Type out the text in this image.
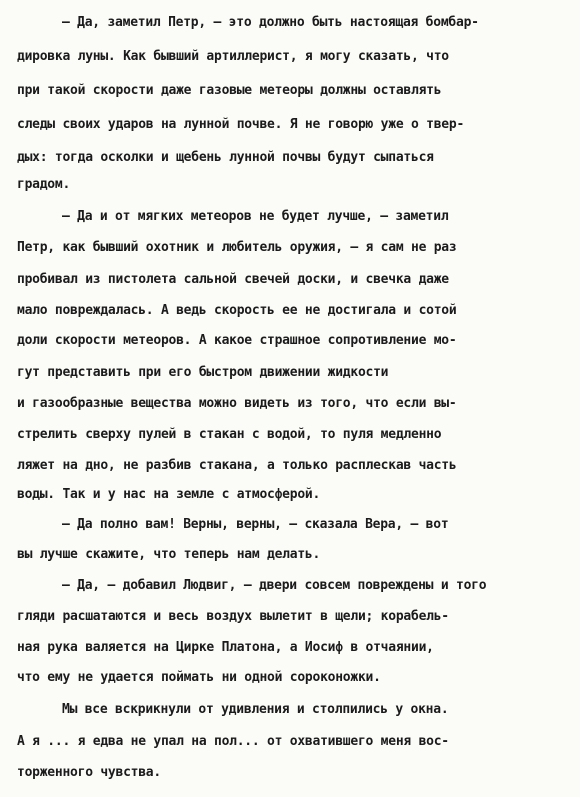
– Да, заметил Петр, – это должно быть настоящая бомбар-
дировка луны. Как бывший артиллерист, я могу сказать, что
при такой скорости даже газовые метеоры должны оставлять
следы своих ударов на лунной почве. Я не говорю уже о твер-
дых: тогда осколки и щебень лунной почвы будут сыпаться
градом.
– Да и от мягких метеоров не будет лучше, – заметил
Петр, как бывший охотник и любитель оружия, – я сам не раз
пробивал из пистолета сальной свечей доски, и свечка даже
мало повреждалась. А ведь скорость ее не достигала и сотой
доли скорости метеоров. А какое страшное сопротивление мо-
гут представить при его быстром движении жидкости
и газообразные вещества можно видеть из того, что если вы-
стрелить сверху пулей в стакан с водой, то пуля медленно
ляжет на дно, не разбив стакана, а только расплескав часть
воды. Так и у нас на земле с атмосферой.
– Да полно вам! Верны, верны, – сказала Вера, – вот
вы лучше скажите, что теперь нам делать.
– Да, – добавил Людвиг, – двери совсем повреждены и того
гляди расшатаются и весь воздух вылетит в щели; корабель-
ная рука валяется на Цирке Платона, а Иосиф в отчаянии,
что ему не удается поймать ни одной сороконожки.
Мы все вскрикнули от удивления и столпились у окна.
А я ... я едва не упал на пол... от охватившего меня вос-
торженного чувства.
